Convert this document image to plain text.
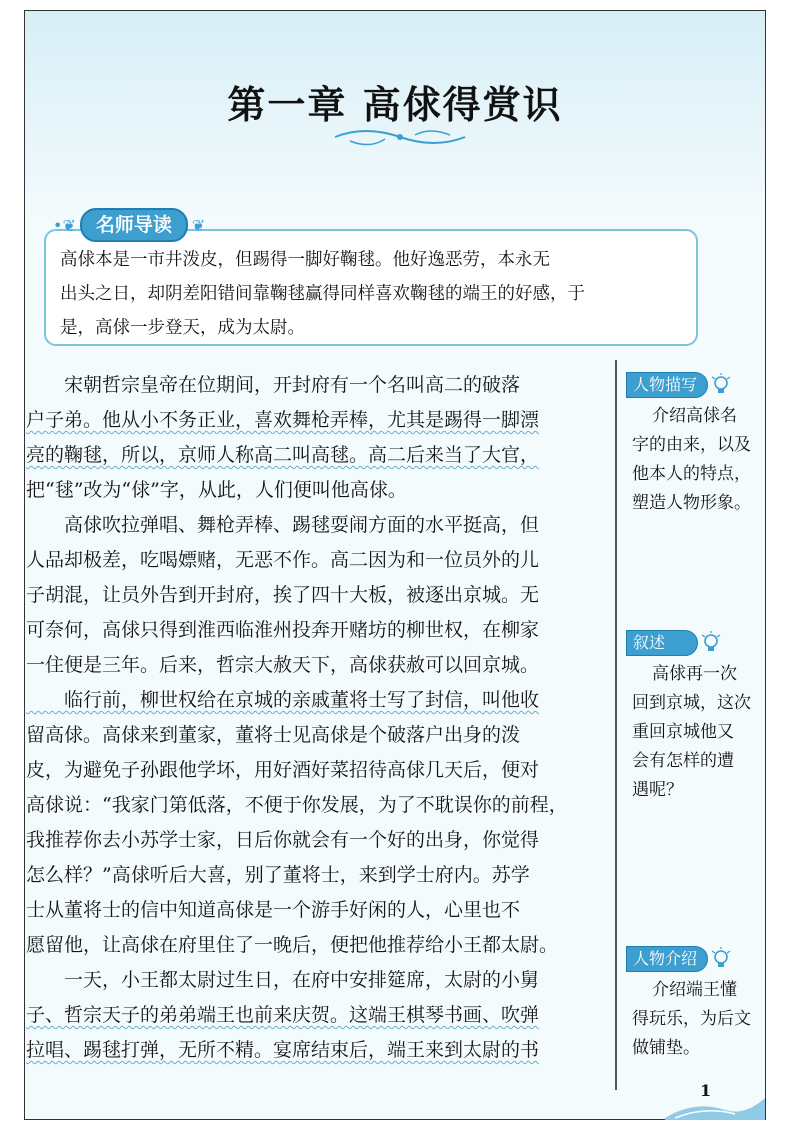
第一章 高俅得赏识
•❦	名师导读	❦
高俅本是一市井泼皮，但踢得一脚好鞠毬。他好逸恶劳，本永无
出头之日，却阴差阳错间靠鞠毬赢得同样喜欢鞠毬的端王的好感，于
是，高俅一步登天，成为太尉。
　　宋朝哲宗皇帝在位期间，开封府有一个名叫高二的破落
户子弟。他从小不务正业，喜欢舞枪弄棒，尤其是踢得一脚漂
亮的鞠毬，所以，京师人称高二叫高毬。高二后来当了大官，
把“毬”改为“俅”字，从此，人们便叫他高俅。
　　高俅吹拉弹唱、舞枪弄棒、踢毬耍闹方面的水平挺高，但
人品却极差，吃喝嫖赌，无恶不作。高二因为和一位员外的儿
子胡混，让员外告到开封府，挨了四十大板，被逐出京城。无
可奈何，高俅只得到淮西临淮州投奔开赌坊的柳世权，在柳家
一住便是三年。后来，哲宗大赦天下，高俅获赦可以回京城。
　　临行前，柳世权给在京城的亲戚董将士写了封信，叫他收
留高俅。高俅来到董家，董将士见高俅是个破落户出身的泼
皮，为避免子孙跟他学坏，用好酒好菜招待高俅几天后，便对
高俅说：“我家门第低落，不便于你发展，为了不耽误你的前程，
我推荐你去小苏学士家，日后你就会有一个好的出身，你觉得
怎么样？”高俅听后大喜，别了董将士，来到学士府内。苏学
士从董将士的信中知道高俅是一个游手好闲的人，心里也不
愿留他，让高俅在府里住了一晚后，便把他推荐给小王都太尉。
　　一天，小王都太尉过生日，在府中安排筵席，太尉的小舅
子、哲宗天子的弟弟端王也前来庆贺。这端王棋琴书画、吹弹
拉唱、踢毬打弹，无所不精。宴席结束后，端王来到太尉的书
人物描写
介绍高俅名
字的由来，以及
他本人的特点，
塑造人物形象。
叙述
高俅再一次
回到京城，这次
重回京城他又
会有怎样的遭
遇呢？
人物介绍
介绍端王懂
得玩乐，为后文
做铺垫。
1
